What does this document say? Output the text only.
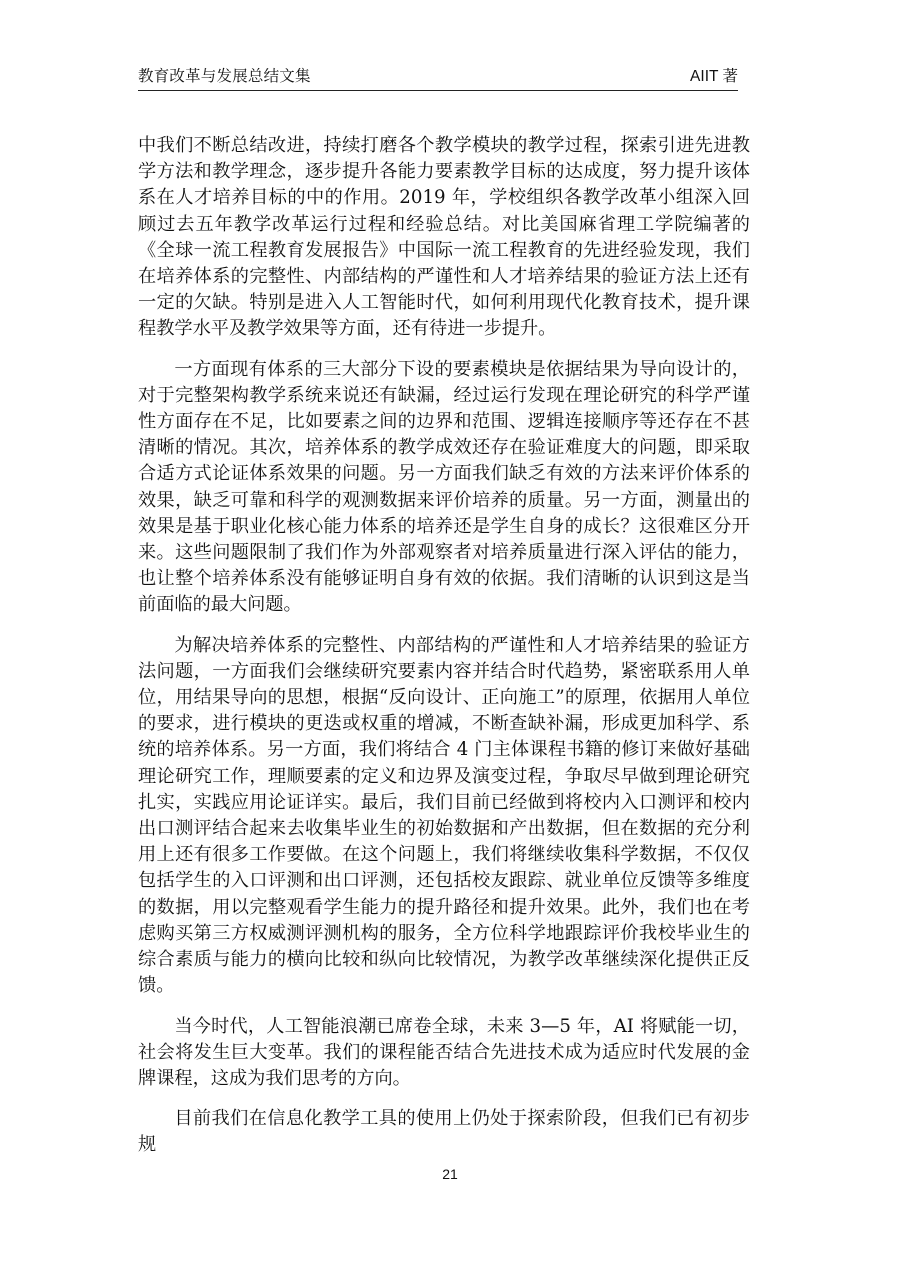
教育改革与发展总结文集	AIIT 著

中我们不断总结改进，持续打磨各个教学模块的教学过程，探索引进先进教学方法和教学理念，逐步提升各能力要素教学目标的达成度，努力提升该体系在人才培养目标的中的作用。2019 年，学校组织各教学改革小组深入回顾过去五年教学改革运行过程和经验总结。对比美国麻省理工学院编著的《全球一流工程教育发展报告》中国际一流工程教育的先进经验发现，我们在培养体系的完整性、内部结构的严谨性和人才培养结果的验证方法上还有一定的欠缺。特别是进入人工智能时代，如何利用现代化教育技术，提升课程教学水平及教学效果等方面，还有待进一步提升。

一方面现有体系的三大部分下设的要素模块是依据结果为导向设计的，对于完整架构教学系统来说还有缺漏，经过运行发现在理论研究的科学严谨性方面存在不足，比如要素之间的边界和范围、逻辑连接顺序等还存在不甚清晰的情况。其次，培养体系的教学成效还存在验证难度大的问题，即采取合适方式论证体系效果的问题。另一方面我们缺乏有效的方法来评价体系的效果，缺乏可靠和科学的观测数据来评价培养的质量。另一方面，测量出的效果是基于职业化核心能力体系的培养还是学生自身的成长？这很难区分开来。这些问题限制了我们作为外部观察者对培养质量进行深入评估的能力，也让整个培养体系没有能够证明自身有效的依据。我们清晰的认识到这是当前面临的最大问题。

为解决培养体系的完整性、内部结构的严谨性和人才培养结果的验证方法问题，一方面我们会继续研究要素内容并结合时代趋势，紧密联系用人单位，用结果导向的思想，根据“反向设计、正向施工”的原理，依据用人单位的要求，进行模块的更迭或权重的增减，不断查缺补漏，形成更加科学、系统的培养体系。另一方面，我们将结合 4 门主体课程书籍的修订来做好基础理论研究工作，理顺要素的定义和边界及演变过程，争取尽早做到理论研究扎实，实践应用论证详实。最后，我们目前已经做到将校内入口测评和校内出口测评结合起来去收集毕业生的初始数据和产出数据，但在数据的充分利用上还有很多工作要做。在这个问题上，我们将继续收集科学数据，不仅仅包括学生的入口评测和出口评测，还包括校友跟踪、就业单位反馈等多维度的数据，用以完整观看学生能力的提升路径和提升效果。此外，我们也在考虑购买第三方权威测评测机构的服务，全方位科学地跟踪评价我校毕业生的综合素质与能力的横向比较和纵向比较情况，为教学改革继续深化提供正反馈。

当今时代，人工智能浪潮已席卷全球，未来 3—5 年，AI 将赋能一切，社会将发生巨大变革。我们的课程能否结合先进技术成为适应时代发展的金牌课程，这成为我们思考的方向。

目前我们在信息化教学工具的使用上仍处于探索阶段，但我们已有初步规

21
